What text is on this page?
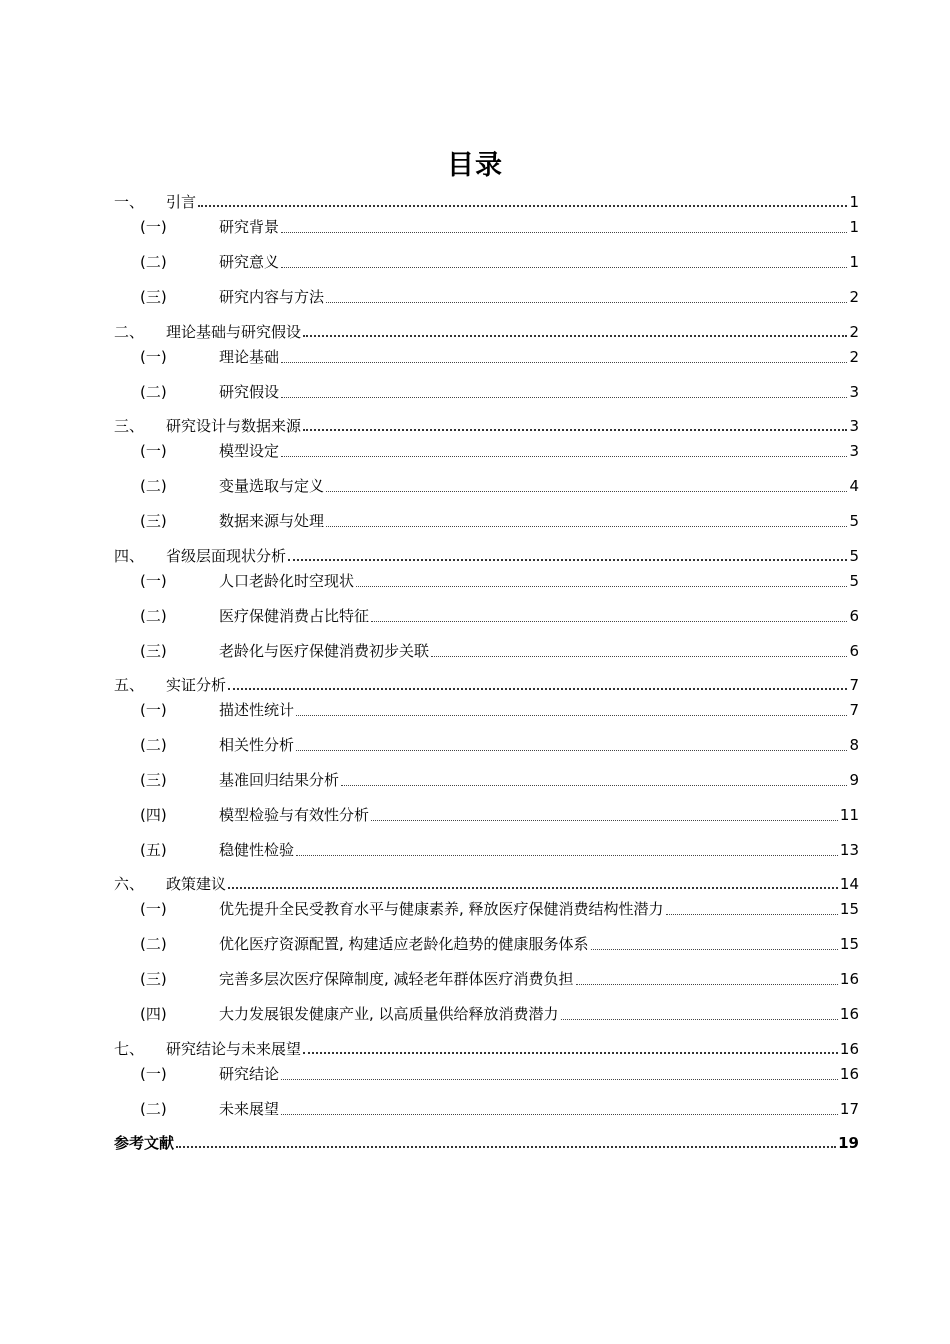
目录
一、 引言	1
(一)	研究背景	1
(二)	研究意义	1
(三)	研究内容与方法	2
二、 理论基础与研究假设	2
(一)	理论基础	2
(二)	研究假设	3
三、 研究设计与数据来源	3
(一)	模型设定	3
(二)	变量选取与定义	4
(三)	数据来源与处理	5
四、 省级层面现状分析	5
(一)	人口老龄化时空现状	5
(二)	医疗保健消费占比特征	6
(三)	老龄化与医疗保健消费初步关联	6
五、 实证分析	7
(一)	描述性统计	7
(二)	相关性分析	8
(三)	基准回归结果分析	9
(四)	模型检验与有效性分析	11
(五)	稳健性检验	13
六、 政策建议	14
(一)	优先提升全民受教育水平与健康素养, 释放医疗保健消费结构性潜力	15
(二)	优化医疗资源配置, 构建适应老龄化趋势的健康服务体系	15
(三)	完善多层次医疗保障制度, 减轻老年群体医疗消费负担	16
(四)	大力发展银发健康产业, 以高质量供给释放消费潜力	16
七、 研究结论与未来展望	16
(一)	研究结论	16
(二)	未来展望	17
参考文献	19
